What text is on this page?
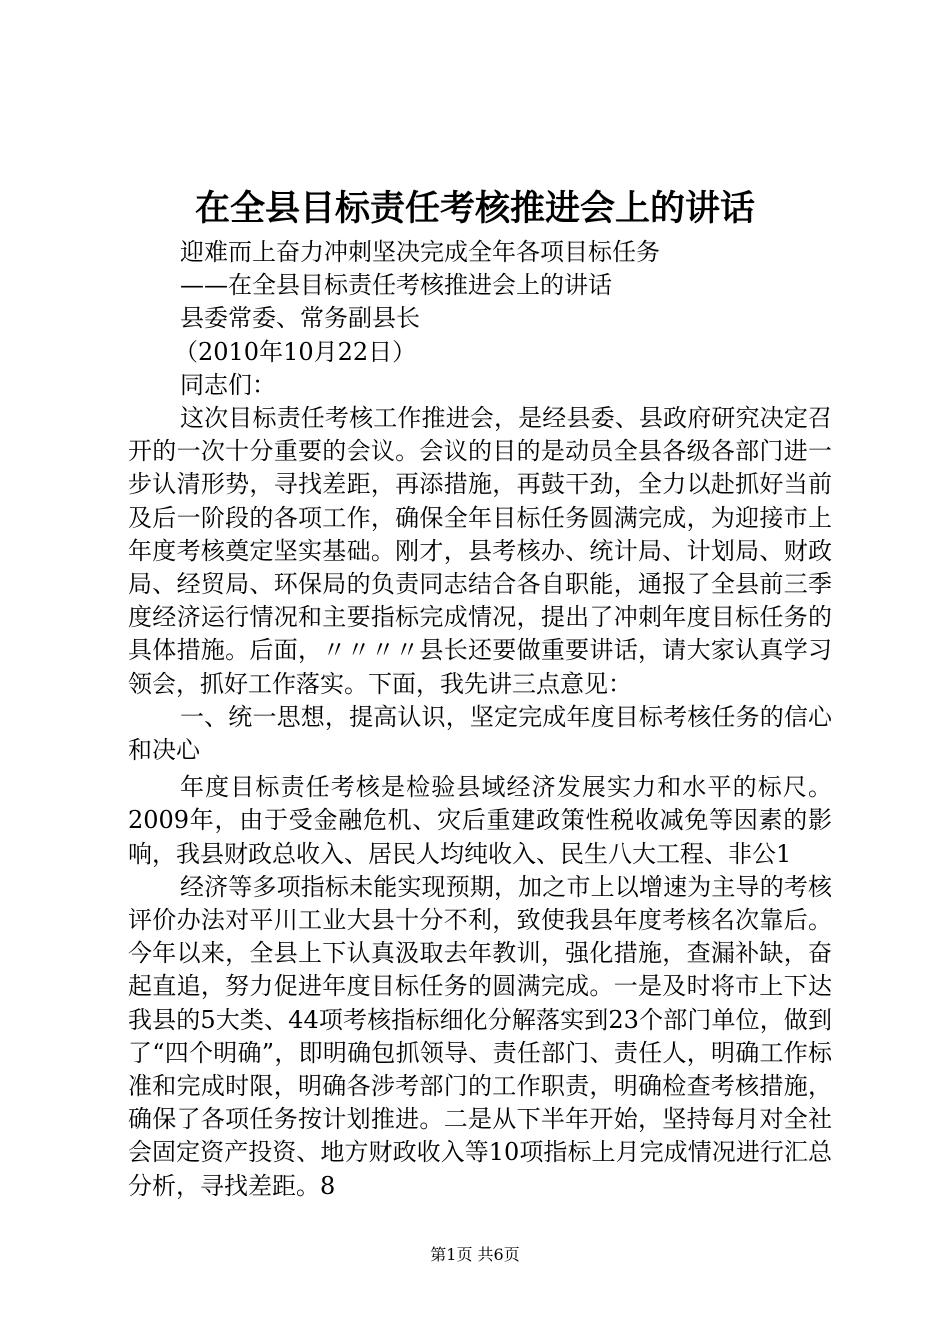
在全县目标责任考核推进会上的讲话
迎难而上奋力冲刺坚决完成全年各项目标任务
——在全县目标责任考核推进会上的讲话
县委常委、常务副县长
（2010年10月22日）
同志们：
这次目标责任考核工作推进会，是经县委、县政府研究决定召开的一次十分重要的会议。会议的目的是动员全县各级各部门进一步认清形势，寻找差距，再添措施，再鼓干劲，全力以赴抓好当前及后一阶段的各项工作，确保全年目标任务圆满完成，为迎接市上年度考核奠定坚实基础。刚才，县考核办、统计局、计划局、财政局、经贸局、环保局的负责同志结合各自职能，通报了全县前三季度经济运行情况和主要指标完成情况，提出了冲刺年度目标任务的具体措施。后面，〃〃〃〃县长还要做重要讲话，请大家认真学习领会，抓好工作落实。下面，我先讲三点意见：
一、统一思想，提高认识，坚定完成年度目标考核任务的信心和决心
年度目标责任考核是检验县域经济发展实力和水平的标尺。2009年，由于受金融危机、灾后重建政策性税收减免等因素的影响，我县财政总收入、居民人均纯收入、民生八大工程、非公1
经济等多项指标未能实现预期，加之市上以增速为主导的考核评价办法对平川工业大县十分不利，致使我县年度考核名次靠后。今年以来，全县上下认真汲取去年教训，强化措施，查漏补缺，奋起直追，努力促进年度目标任务的圆满完成。一是及时将市上下达我县的5大类、44项考核指标细化分解落实到23个部门单位，做到了“四个明确”，即明确包抓领导、责任部门、责任人，明确工作标准和完成时限，明确各涉考部门的工作职责，明确检查考核措施，确保了各项任务按计划推进。二是从下半年开始，坚持每月对全社会固定资产投资、地方财政收入等10项指标上月完成情况进行汇总分析，寻找差距。8
第1页 共6页
